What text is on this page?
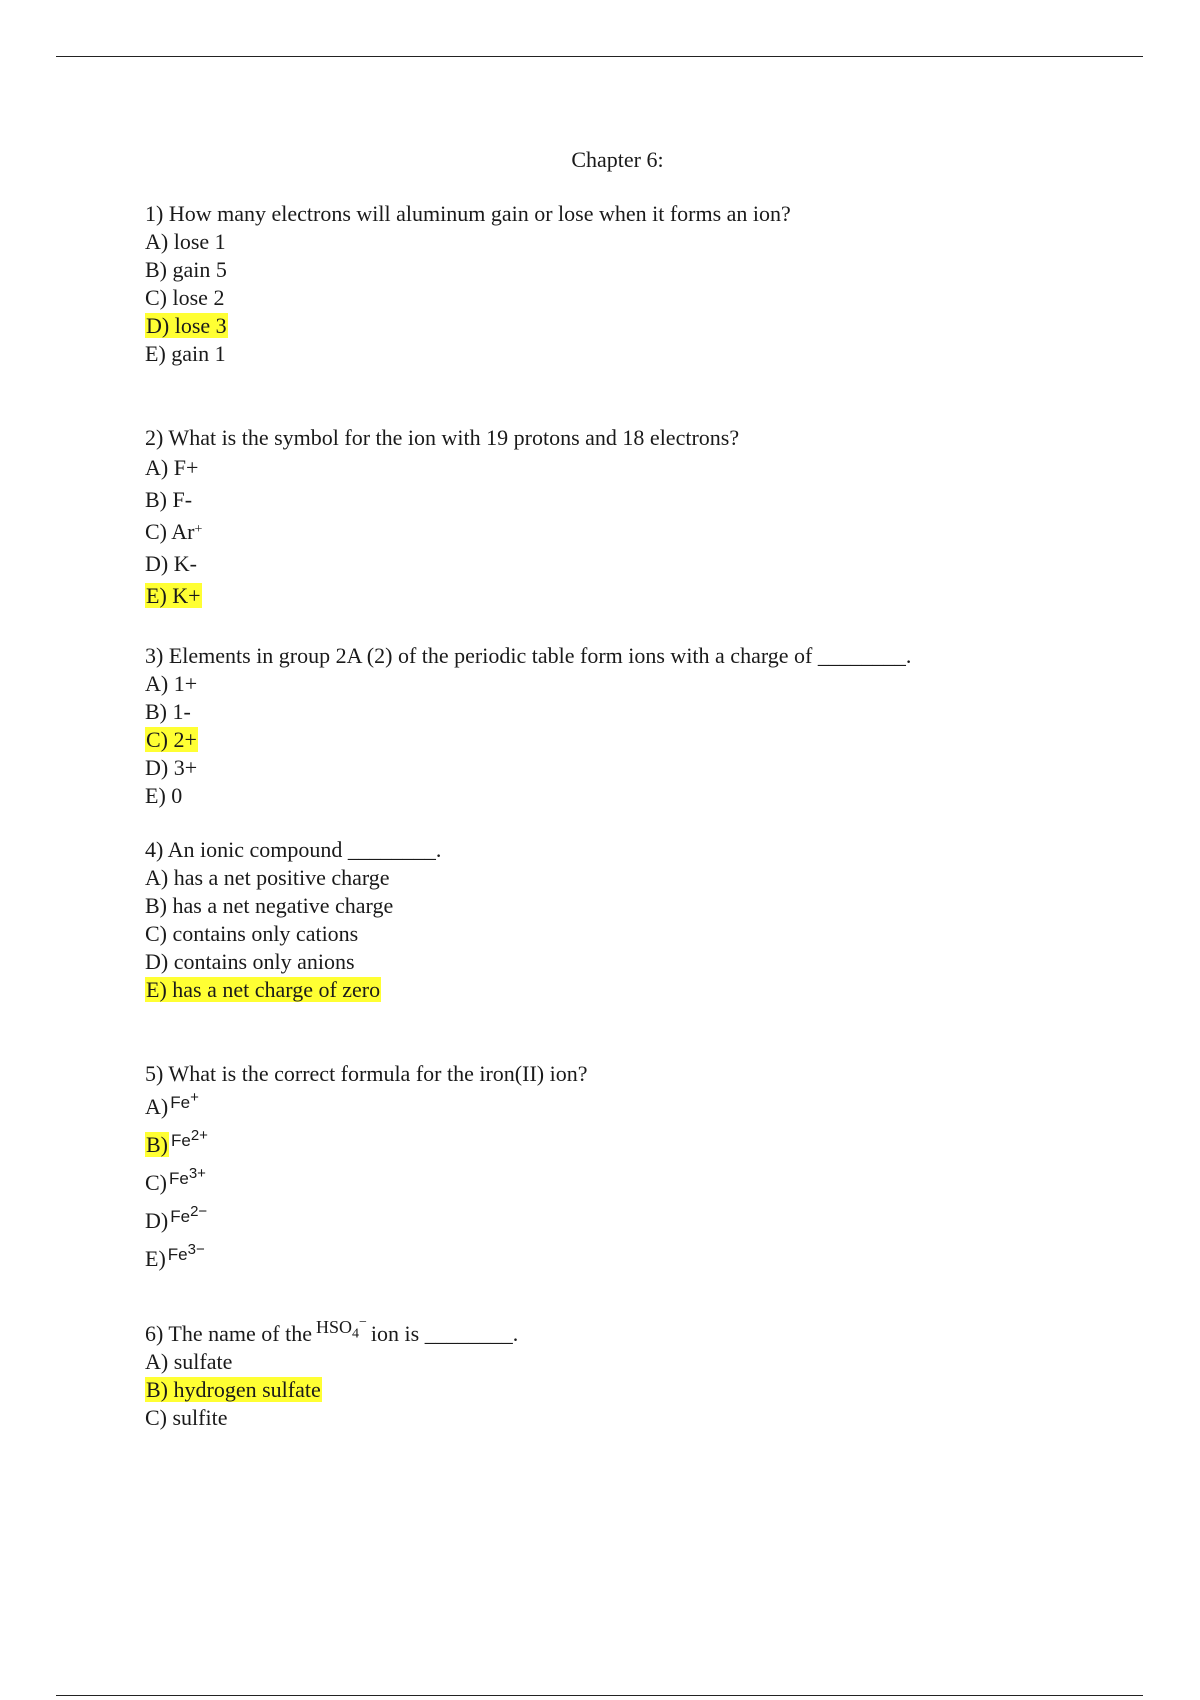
Chapter 6:
1) How many electrons will aluminum gain or lose when it forms an ion?
A) lose 1
B) gain 5
C) lose 2
D) lose 3
E) gain 1
2) What is the symbol for the ion with 19 protons and 18 electrons?
A) F+
B) F-
C) Ar+
D) K-
E) K+
3) Elements in group 2A (2) of the periodic table form ions with a charge of ________.
A) 1+
B) 1-
C) 2+
D) 3+
E) 0
4) An ionic compound ________.
A) has a net positive charge
B) has a net negative charge
C) contains only cations
D) contains only anions
E) has a net charge of zero
5) What is the correct formula for the iron(II) ion?
A) $^{Fe^+}$
B) $^{Fe^{2+}}$
C) $^{Fe^{3+}}$
D) $^{Fe^{2-}}$
E) $^{Fe^{3-}}$
6) The name of the $^{HSO_4^-}$ ion is ________.
A) sulfate
B) hydrogen sulfate
C) sulfite
